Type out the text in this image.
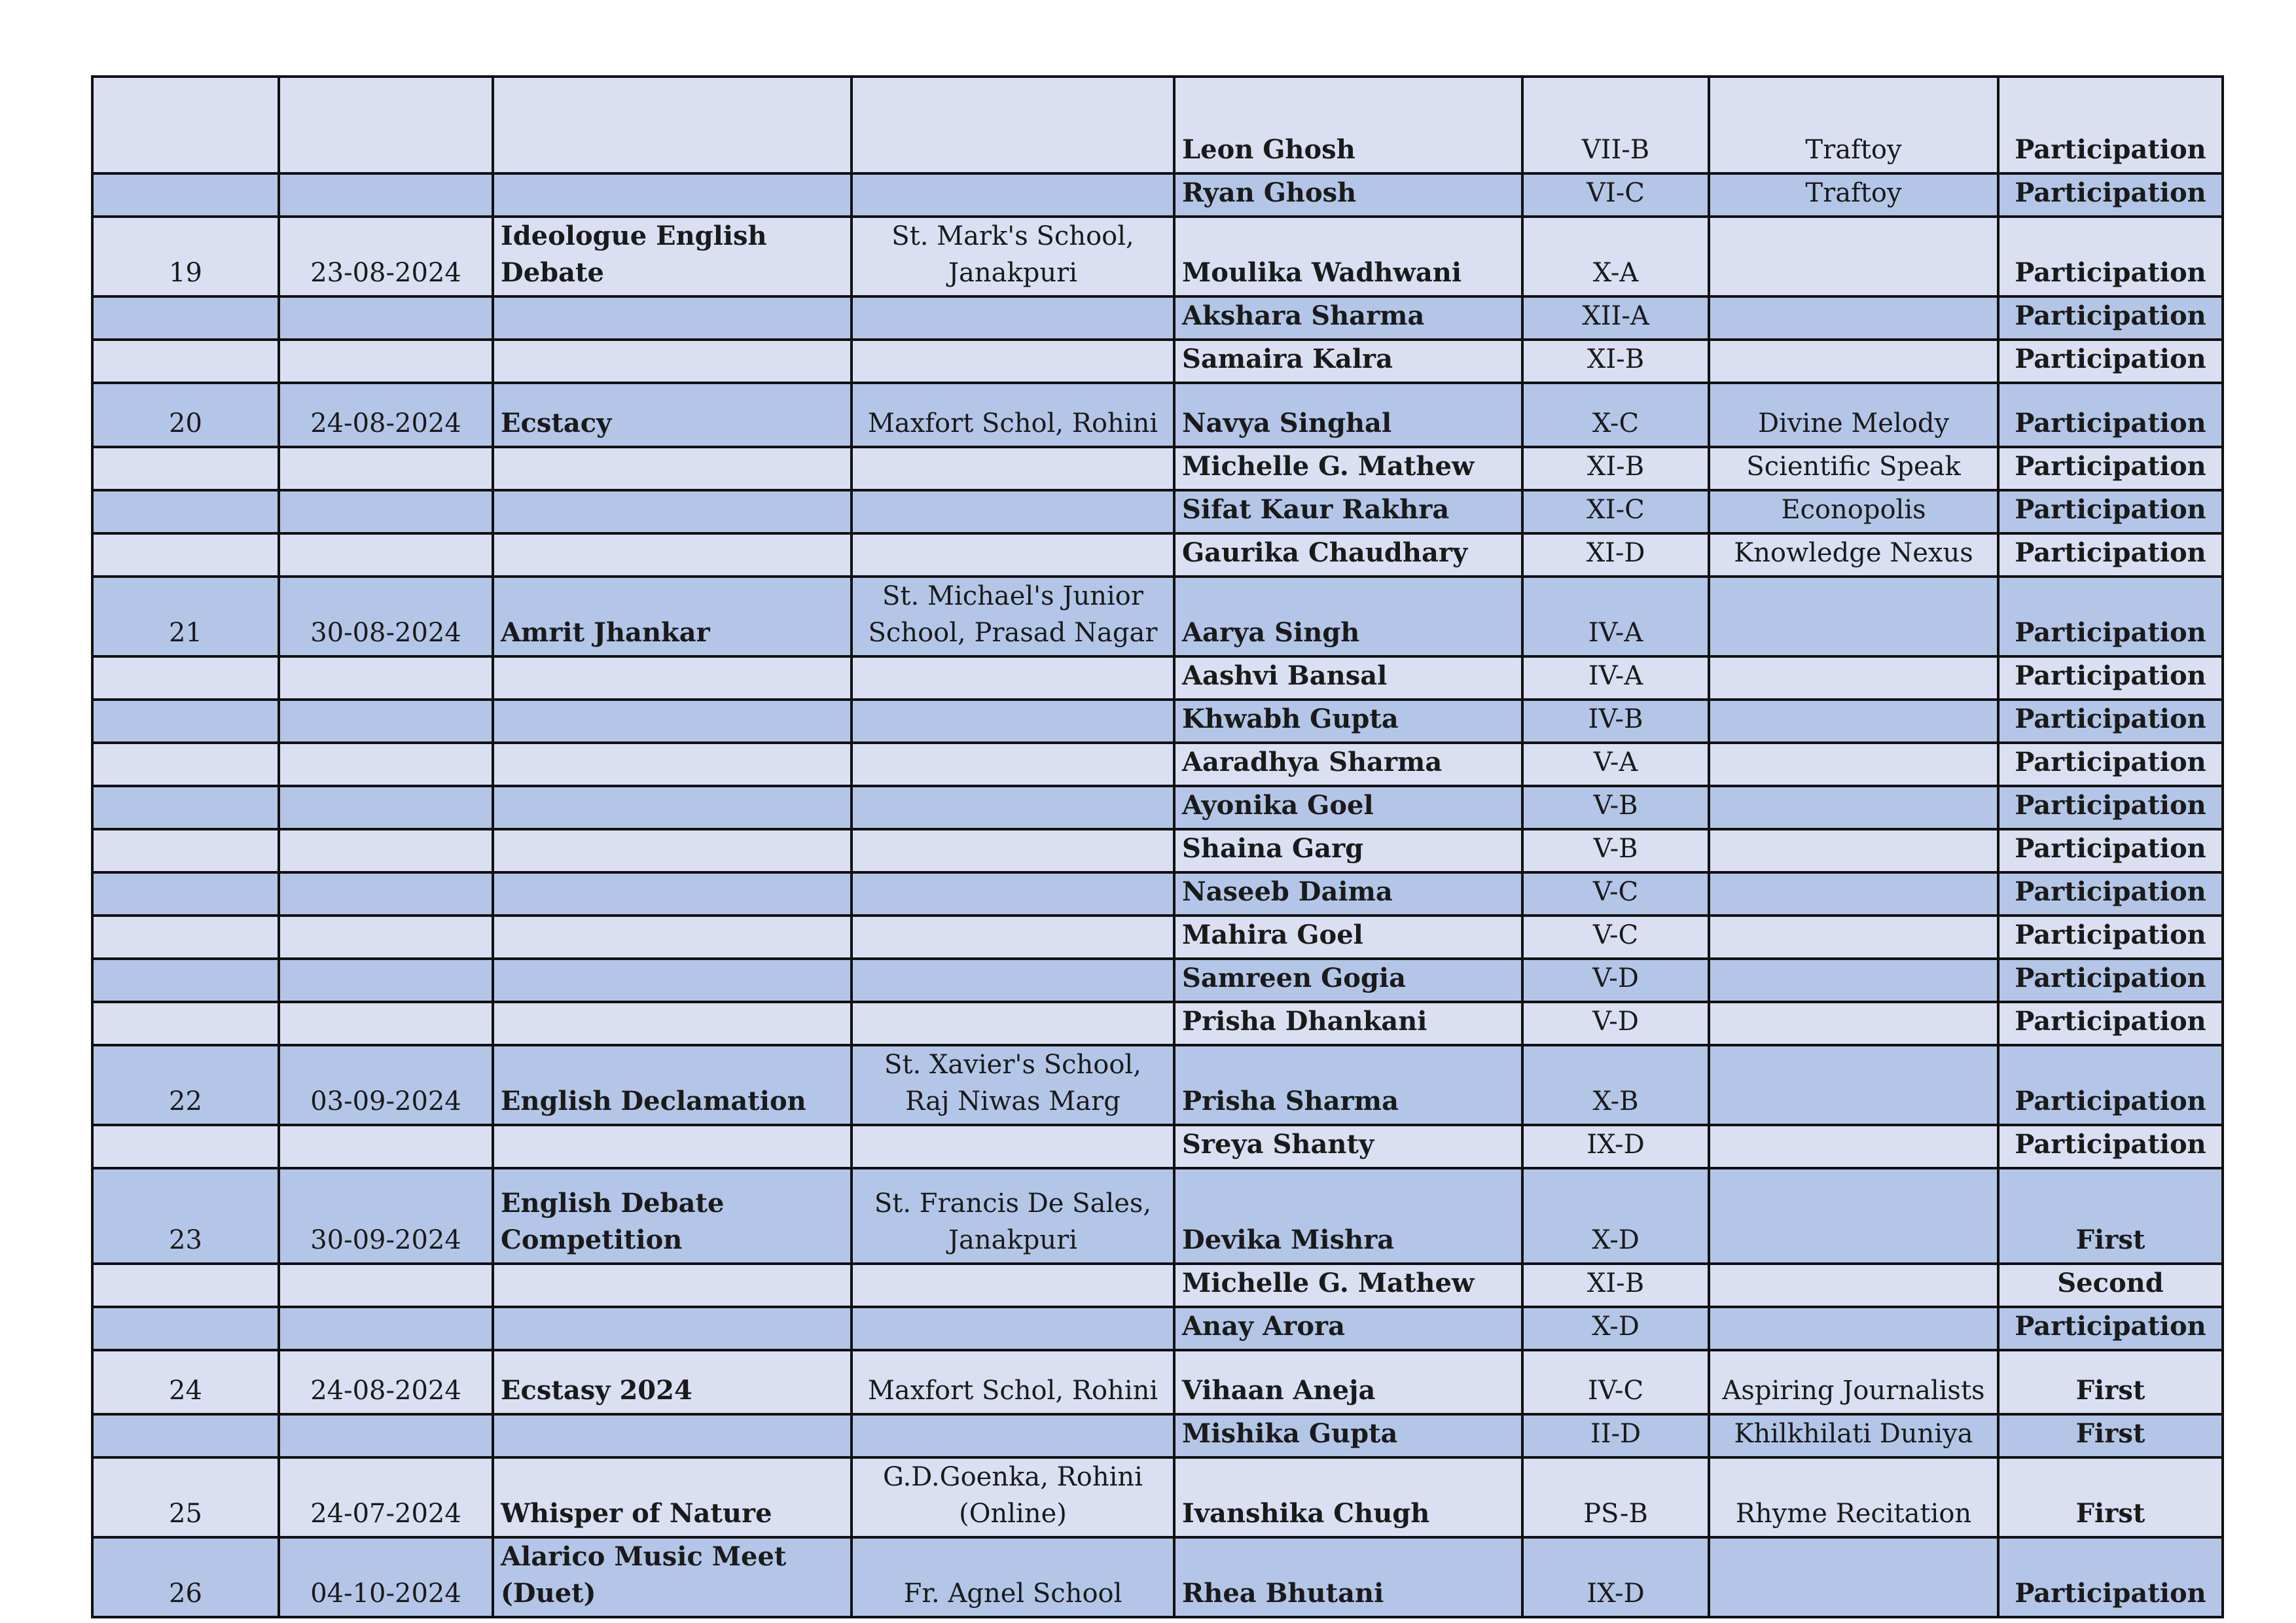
				Leon Ghosh	VII-B	Traftoy	Participation
				Ryan Ghosh	VI-C	Traftoy	Participation
19	23-08-2024	Ideologue English Debate	St. Mark's School, Janakpuri	Moulika Wadhwani	X-A		Participation
				Akshara Sharma	XII-A		Participation
				Samaira Kalra	XI-B		Participation
20	24-08-2024	Ecstacy	Maxfort Schol, Rohini	Navya Singhal	X-C	Divine Melody	Participation
				Michelle G. Mathew	XI-B	Scientific Speak	Participation
				Sifat Kaur Rakhra	XI-C	Econopolis	Participation
				Gaurika Chaudhary	XI-D	Knowledge Nexus	Participation
21	30-08-2024	Amrit Jhankar	St. Michael's Junior School, Prasad Nagar	Aarya Singh	IV-A		Participation
				Aashvi Bansal	IV-A		Participation
				Khwabh Gupta	IV-B		Participation
				Aaradhya Sharma	V-A		Participation
				Ayonika Goel	V-B		Participation
				Shaina Garg	V-B		Participation
				Naseeb Daima	V-C		Participation
				Mahira Goel	V-C		Participation
				Samreen Gogia	V-D		Participation
				Prisha Dhankani	V-D		Participation
22	03-09-2024	English Declamation	St. Xavier's School, Raj Niwas Marg	Prisha Sharma	X-B		Participation
				Sreya Shanty	IX-D		Participation
23	30-09-2024	English Debate Competition	St. Francis De Sales, Janakpuri	Devika Mishra	X-D		First
				Michelle G. Mathew	XI-B		Second
				Anay Arora	X-D		Participation
24	24-08-2024	Ecstasy 2024	Maxfort Schol, Rohini	Vihaan Aneja	IV-C	Aspiring Journalists	First
				Mishika Gupta	II-D	Khilkhilati Duniya	First
25	24-07-2024	Whisper of Nature	G.D.Goenka, Rohini (Online)	Ivanshika Chugh	PS-B	Rhyme Recitation	First
26	04-10-2024	Alarico Music Meet (Duet)	Fr. Agnel School	Rhea Bhutani	IX-D		Participation
